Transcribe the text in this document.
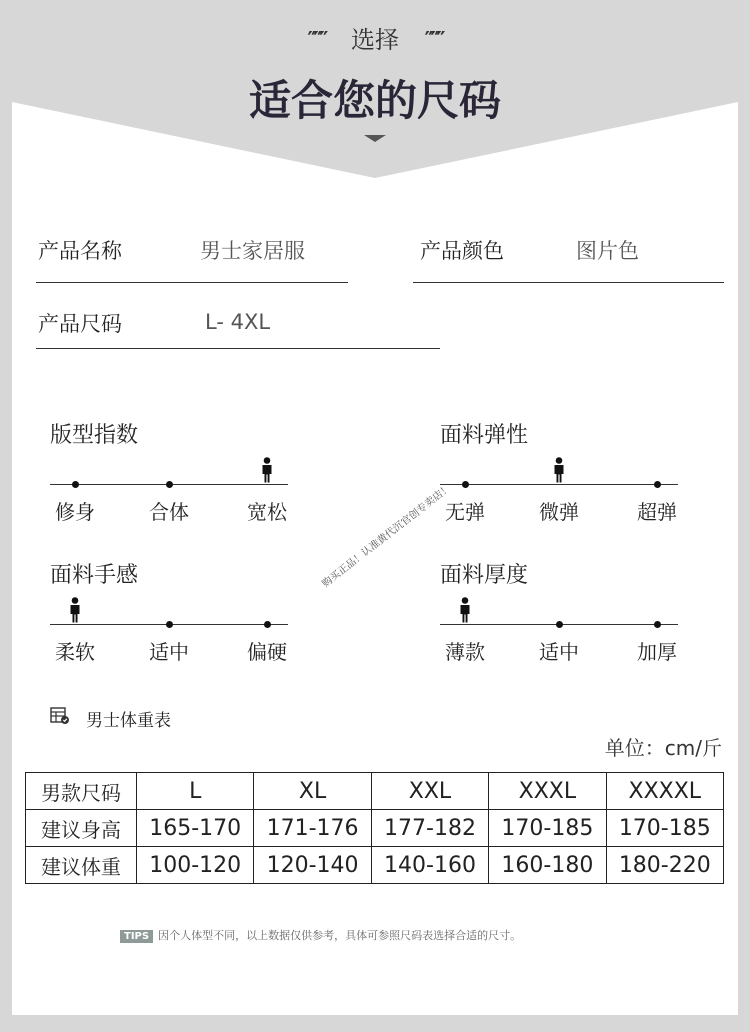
″″″ 选择 ″″″
适合您的尺码
产品名称	男士家居服	产品颜色	图片色
产品尺码	L- 4XL
版型指数
修身	合体	宽松
面料弹性
无弹	微弹	超弹
面料手感
柔软	适中	偏硬
面料厚度
薄款	适中	加厚
购买正品！认准黄代沉官创专卖店！
男士体重表
单位：cm/斤
男款尺码	L	XL	XXL	XXXL	XXXXL
建议身高	165-170	171-176	177-182	170-185	170-185
建议体重	100-120	120-140	140-160	160-180	180-220
TIPS 因个人体型不同，以上数据仅供参考，具体可参照尺码表选择合适的尺寸。
